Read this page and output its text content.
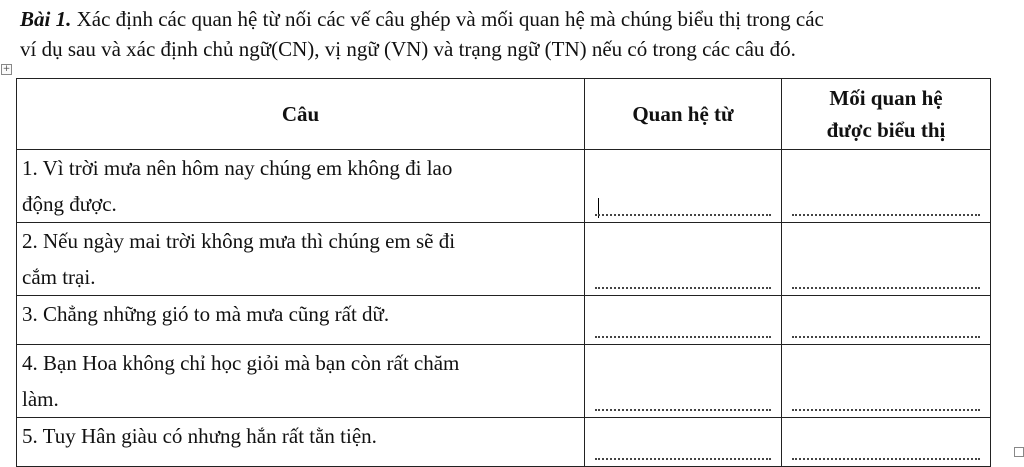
Bài 1. Xác định các quan hệ từ nối các vế câu ghép và mối quan hệ mà chúng biểu thị trong các
ví dụ sau và xác định chủ ngữ(CN), vị ngữ (VN) và trạng ngữ (TN) nếu có trong các câu đó.

+
Câu	Quan hệ từ	Mối quan hệ
được biểu thị

1. Vì trời mưa nên hôm nay chúng em không đi lao
động được.		

2. Nếu ngày mai trời không mưa thì chúng em sẽ đi
cắm trại.		

3. Chẳng những gió to mà mưa cũng rất dữ.		

4. Bạn Hoa không chỉ học giỏi mà bạn còn rất chăm
làm.		

5. Tuy Hân giàu có nhưng hắn rất tằn tiện.		
